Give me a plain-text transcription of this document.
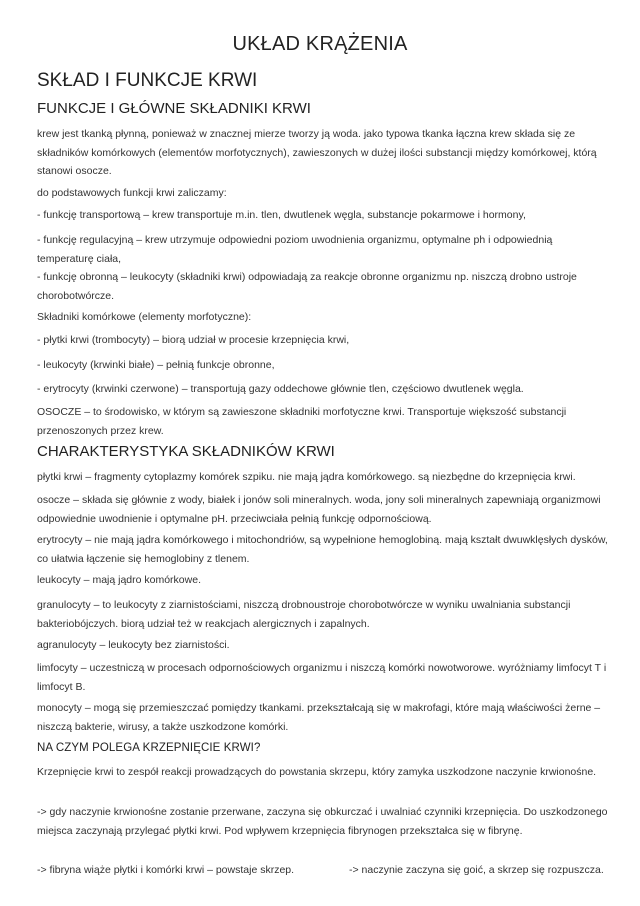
UKŁAD KRĄŻENIA
SKŁAD I FUNKCJE KRWI
FUNKCJE I GŁÓWNE SKŁADNIKI KRWI

krew jest tkanką płynną, ponieważ w znacznej mierze tworzy ją woda. jako typowa tkanka łączna krew składa się ze składników komórkowych (elementów morfotycznych), zawieszonych w dużej ilości substancji między komórkowej, którą stanowi osocze.

do podstawowych funkcji krwi zaliczamy:

- funkcję transportową – krew transportuje m.in. tlen, dwutlenek węgla, substancje pokarmowe i hormony,

- funkcję regulacyjną – krew utrzymuje odpowiedni poziom uwodnienia organizmu, optymalne ph i odpowiednią temperaturę ciała,

- funkcję obronną – leukocyty (składniki krwi) odpowiadają za reakcje obronne organizmu np. niszczą drobno ustroje chorobotwórcze.

Składniki komórkowe (elementy morfotyczne):

- płytki krwi (trombocyty) – biorą udział w procesie krzepnięcia krwi,

- leukocyty (krwinki białe) – pełnią funkcje obronne,

- erytrocyty (krwinki czerwone) – transportują gazy oddechowe głównie tlen, częściowo dwutlenek węgla.

OSOCZE – to środowisko, w którym są zawieszone składniki morfotyczne krwi. Transportuje większość substancji przenoszonych przez krew.

CHARAKTERYSTYKA SKŁADNIKÓW KRWI

płytki krwi – fragmenty cytoplazmy komórek szpiku. nie mają jądra komórkowego. są niezbędne do krzepnięcia krwi.

osocze – składa się głównie z wody, białek i jonów soli mineralnych. woda, jony soli mineralnych zapewniają organizmowi odpowiednie uwodnienie i optymalne pH. przeciwciała pełnią funkcję odpornościową.

erytrocyty – nie mają jądra komórkowego i mitochondriów, są wypełnione hemoglobiną. mają kształt dwuwklęsłych dysków, co ułatwia łączenie się hemoglobiny z tlenem.

leukocyty – mają jądro komórkowe.

granulocyty – to leukocyty z ziarnistościami, niszczą drobnoustroje chorobotwórcze w wyniku uwalniania substancji bakteriobójczych. biorą udział też w reakcjach alergicznych i zapalnych.

agranulocyty – leukocyty bez ziarnistości.

limfocyty – uczestniczą w procesach odpornościowych organizmu i niszczą komórki nowotworowe. wyróżniamy limfocyt T i limfocyt B.

monocyty – mogą się przemieszczać pomiędzy tkankami. przekształcają się w makrofagi, które mają właściwości żerne – niszczą bakterie, wirusy, a także uszkodzone komórki.

NA CZYM POLEGA KRZEPNIĘCIE KRWI?

Krzepnięcie krwi to zespół reakcji prowadzących do powstania skrzepu, który zamyka uszkodzone naczynie krwionośne.

-> gdy naczynie krwionośne zostanie przerwane, zaczyna się obkurczać i uwalniać czynniki krzepnięcia. Do uszkodzonego miejsca zaczynają przylegać płytki krwi. Pod wpływem krzepnięcia fibrynogen przekształca się w fibrynę.

-> fibryna wiąże płytki i komórki krwi – powstaje skrzep.	-> naczynie zaczyna się goić, a skrzep się rozpuszcza.
